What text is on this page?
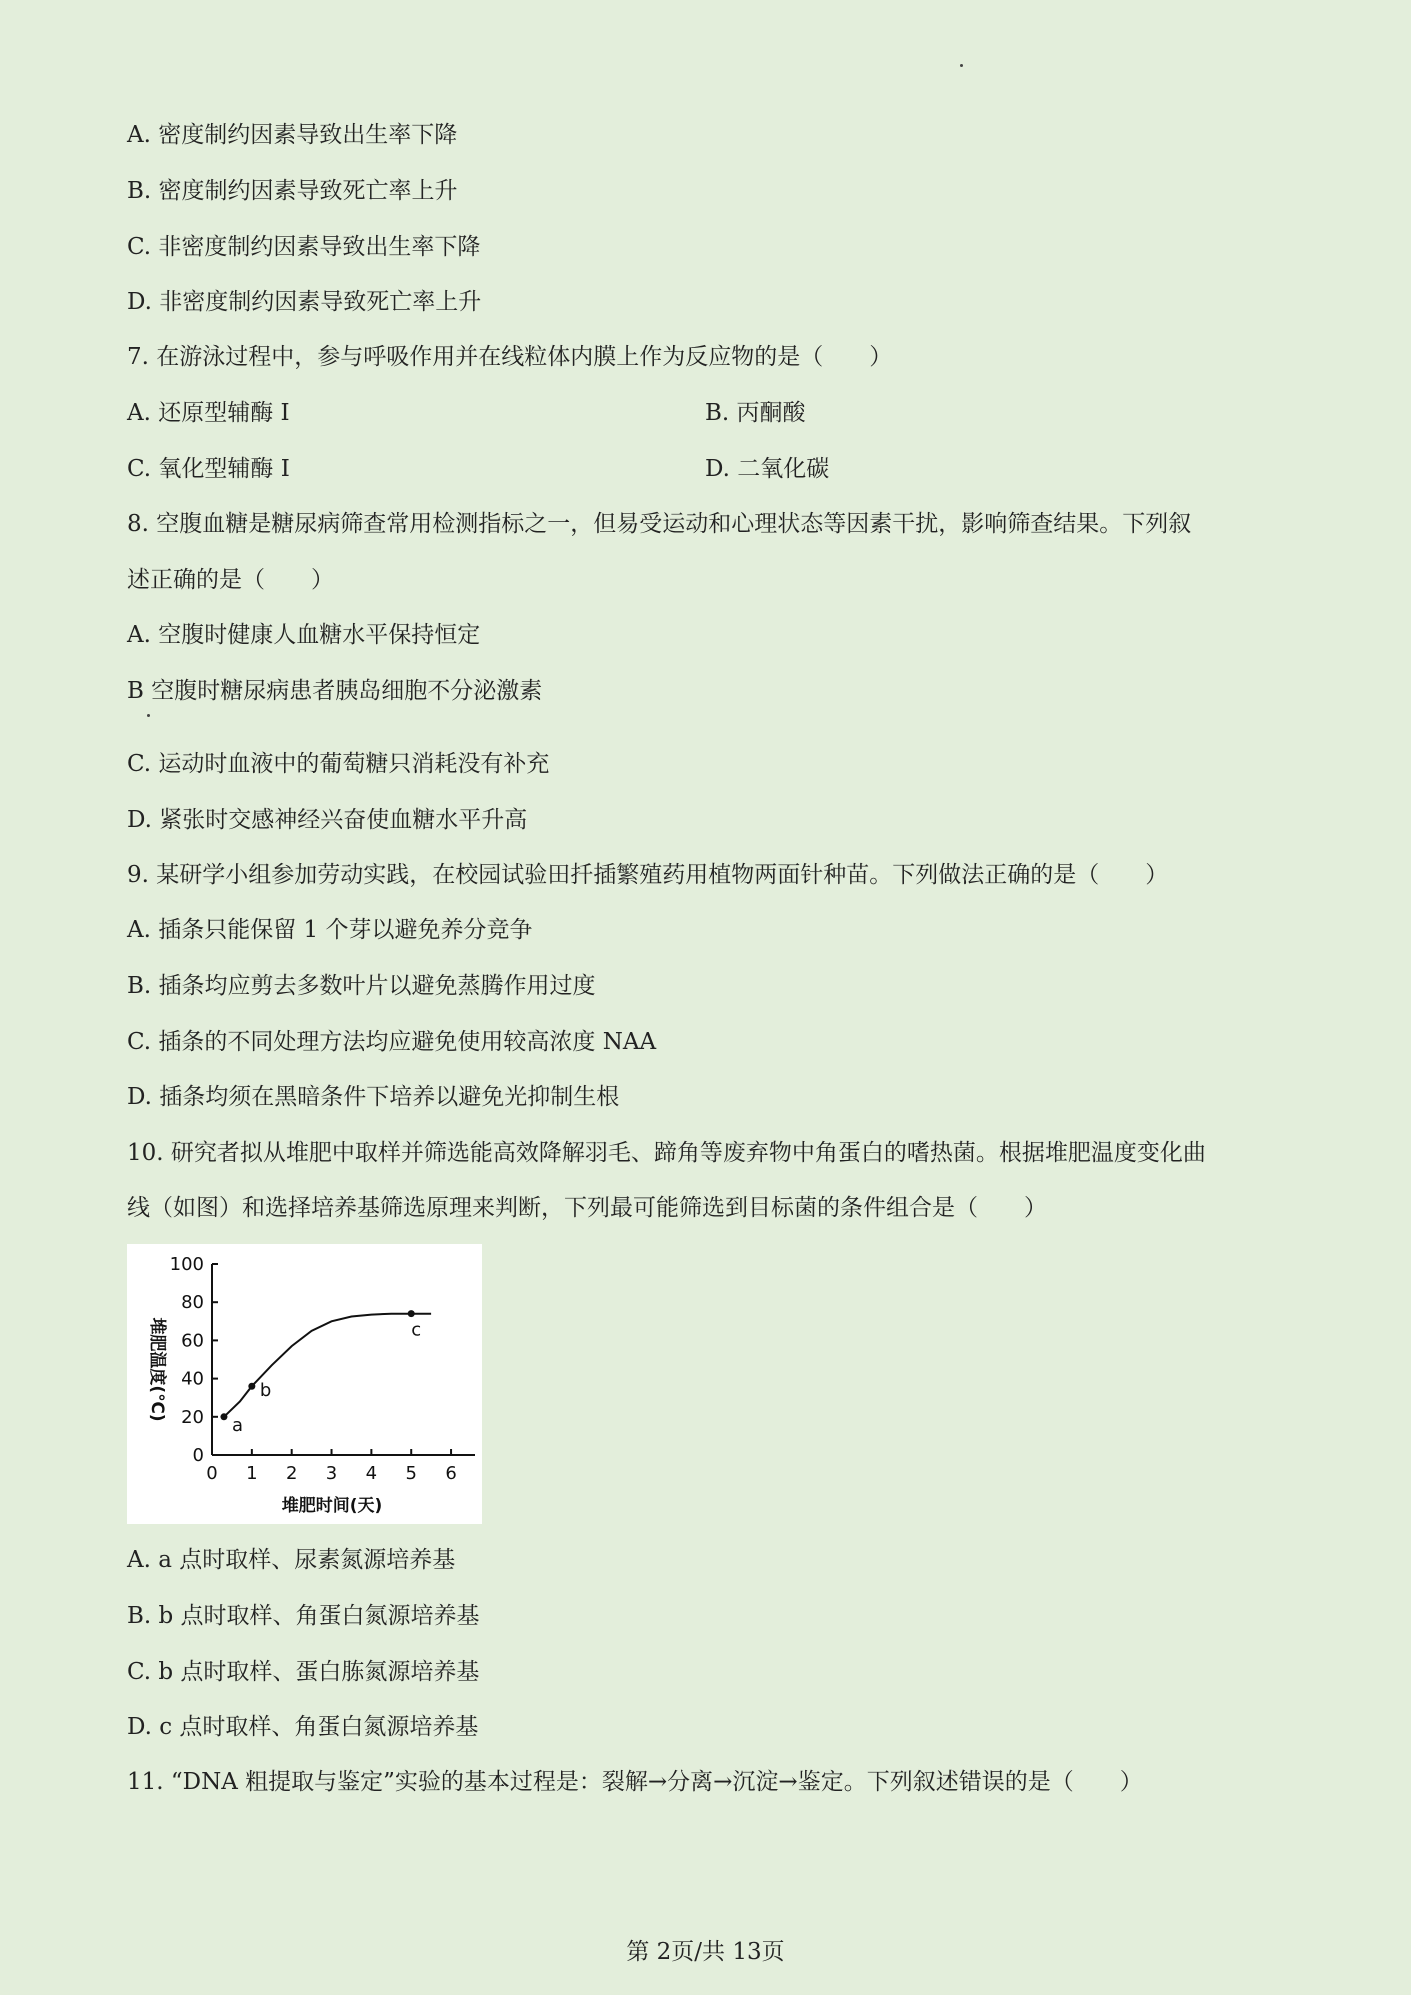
A. 密度制约因素导致出生率下降
B. 密度制约因素导致死亡率上升
C. 非密度制约因素导致出生率下降
D. 非密度制约因素导致死亡率上升
7. 在游泳过程中，参与呼吸作用并在线粒体内膜上作为反应物的是（　　）
A. 还原型辅酶 I	B. 丙酮酸
C. 氧化型辅酶 I	D. 二氧化碳
8. 空腹血糖是糖尿病筛查常用检测指标之一，但易受运动和心理状态等因素干扰，影响筛查结果。下列叙
述正确的是（　　）
A. 空腹时健康人血糖水平保持恒定
B 空腹时糖尿病患者胰岛细胞不分泌激素
C. 运动时血液中的葡萄糖只消耗没有补充
D. 紧张时交感神经兴奋使血糖水平升高
9. 某研学小组参加劳动实践，在校园试验田扦插繁殖药用植物两面针种苗。下列做法正确的是（　　）
A. 插条只能保留 1 个芽以避免养分竞争
B. 插条均应剪去多数叶片以避免蒸腾作用过度
C. 插条的不同处理方法均应避免使用较高浓度 NAA
D. 插条均须在黑暗条件下培养以避免光抑制生根
10. 研究者拟从堆肥中取样并筛选能高效降解羽毛、蹄角等废弃物中角蛋白的嗜热菌。根据堆肥温度变化曲
线（如图）和选择培养基筛选原理来判断，下列最可能筛选到目标菌的条件组合是（　　）
0
20
40
60
80
100
0 1 2 3 4 5 6
堆肥时间(天)
堆肥温度(℃)
a
b
c
A. a 点时取样、尿素氮源培养基
B. b 点时取样、角蛋白氮源培养基
C. b 点时取样、蛋白胨氮源培养基
D. c 点时取样、角蛋白氮源培养基
11. “DNA 粗提取与鉴定”实验的基本过程是：裂解→分离→沉淀→鉴定。下列叙述错误的是（　　）
第 2页/共 13页
